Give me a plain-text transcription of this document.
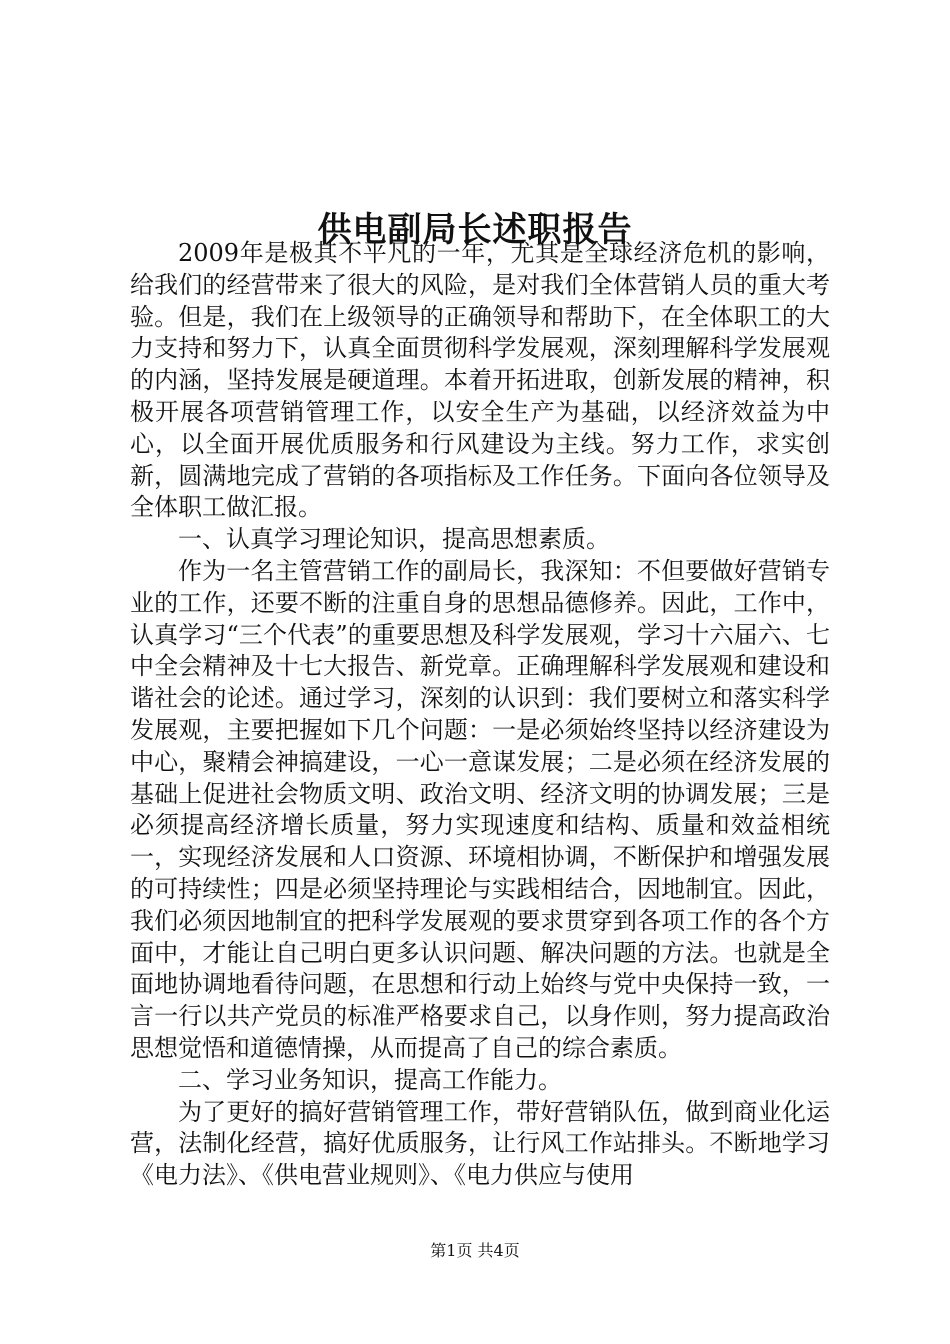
供电副局长述职报告

2009年是极其不平凡的一年，尤其是全球经济危机的影响，给我们的经营带来了很大的风险，是对我们全体营销人员的重大考验。但是，我们在上级领导的正确领导和帮助下，在全体职工的大力支持和努力下，认真全面贯彻科学发展观，深刻理解科学发展观的内涵，坚持发展是硬道理。本着开拓进取，创新发展的精神，积极开展各项营销管理工作，以安全生产为基础，以经济效益为中心，以全面开展优质服务和行风建设为主线。努力工作，求实创新，圆满地完成了营销的各项指标及工作任务。下面向各位领导及全体职工做汇报。

一、认真学习理论知识，提高思想素质。

作为一名主管营销工作的副局长，我深知：不但要做好营销专业的工作，还要不断的注重自身的思想品德修养。因此，工作中，认真学习“三个代表”的重要思想及科学发展观，学习十六届六、七中全会精神及十七大报告、新党章。正确理解科学发展观和建设和谐社会的论述。通过学习，深刻的认识到：我们要树立和落实科学发展观，主要把握如下几个问题：一是必须始终坚持以经济建设为中心，聚精会神搞建设，一心一意谋发展；二是必须在经济发展的基础上促进社会物质文明、政治文明、经济文明的协调发展；三是必须提高经济增长质量，努力实现速度和结构、质量和效益相统一，实现经济发展和人口资源、环境相协调，不断保护和增强发展的可持续性；四是必须坚持理论与实践相结合，因地制宜。因此，我们必须因地制宜的把科学发展观的要求贯穿到各项工作的各个方面中，才能让自己明白更多认识问题、解决问题的方法。也就是全面地协调地看待问题，在思想和行动上始终与党中央保持一致，一言一行以共产党员的标准严格要求自己，以身作则，努力提高政治思想觉悟和道德情操，从而提高了自己的综合素质。

二、学习业务知识，提高工作能力。

为了更好的搞好营销管理工作，带好营销队伍，做到商业化运营，法制化经营，搞好优质服务，让行风工作站排头。不断地学习《电力法》、《供电营业规则》、《电力供应与使用

第1页 共4页
